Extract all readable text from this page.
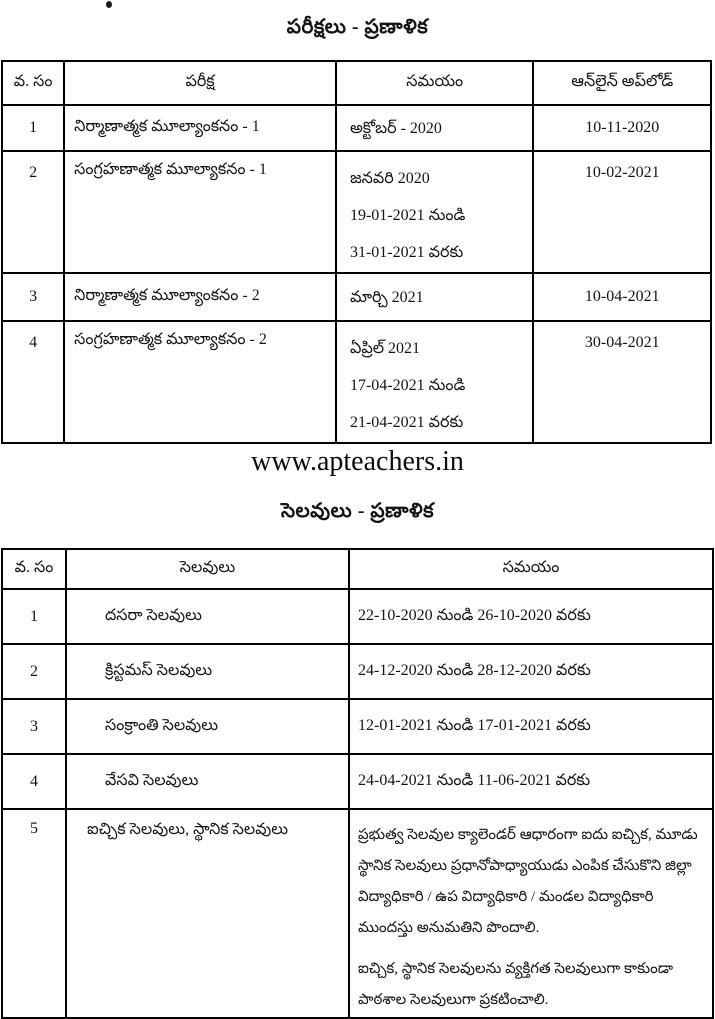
పరీక్షలు - ప్రణాళిక
వ. సం	పరీక్ష	సమయం	ఆన్‌లైన్ అప్‌లోడ్
1	నిర్మాణాత్మక మూల్యాంకనం - 1	అక్టోబర్ - 2020	10-11-2020
2	సంగ్రహణాత్మక మూల్యాకనం - 1	జనవరి 2020
19-01-2021 నుండి
31-01-2021 వరకు	10-02-2021
3	నిర్మాణాత్మక మూల్యాంకనం - 2	మార్చి 2021	10-04-2021
4	సంగ్రహణాత్మక మూల్యాకనం - 2	ఏప్రిల్ 2021
17-04-2021 నుండి
21-04-2021 వరకు	30-04-2021
www.apteachers.in
సెలవులు - ప్రణాళిక
వ. సం	సెలవులు	సమయం
1	దసరా సెలవులు	22-10-2020 నుండి 26-10-2020 వరకు
2	క్రిస్టమస్ సెలవులు	24-12-2020 నుండి 28-12-2020 వరకు
3	సంక్రాంతి సెలవులు	12-01-2021 నుండి 17-01-2021 వరకు
4	వేసవి సెలవులు	24-04-2021 నుండి 11-06-2021 వరకు
5	ఐచ్చిక సెలవులు, స్థానిక సెలవులు	ప్రభుత్వ సెలవుల క్యాలెండర్ ఆధారంగా ఐదు ఐచ్చిక, మూడు స్థానిక సెలవులు ప్రధానోపాధ్యాయుడు ఎంపిక చేసుకొని జిల్లా విద్యాధికారి / ఉప విద్యాధికారి / మండల విద్యాధికారి ముందస్తు అనుమతిని పొందాలి.
ఐచ్చిక, స్థానిక సెలవులను వ్యక్తిగత సెలవులుగా కాకుండా పాఠశాల సెలవులుగా ప్రకటించాలి.
